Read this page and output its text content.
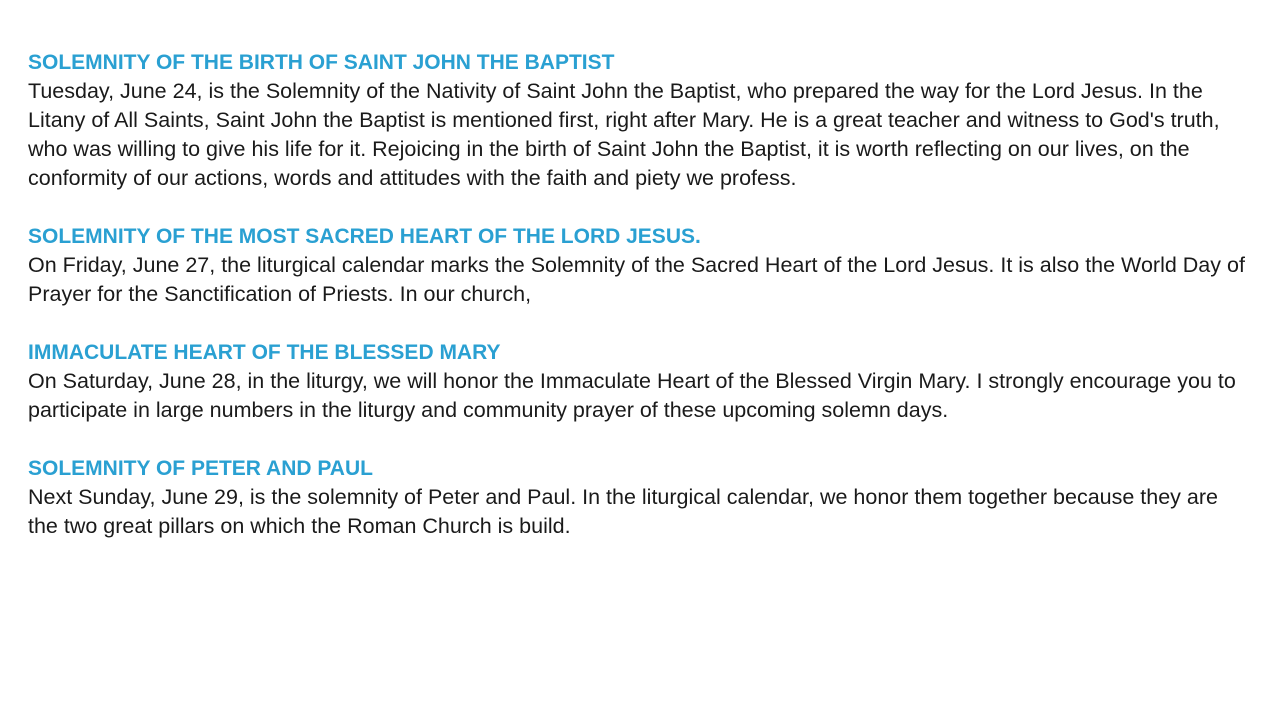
SOLEMNITY OF THE BIRTH OF SAINT JOHN THE BAPTIST

Tuesday, June 24, is the Solemnity of the Nativity of Saint John the Baptist, who prepared the way for the Lord Jesus. In the Litany of All Saints, Saint John the Baptist is mentioned first, right after Mary. He is a great teacher and witness to God's truth, who was willing to give his life for it. Rejoicing in the birth of Saint John the Baptist, it is worth reflecting on our lives, on the conformity of our actions, words and attitudes with the faith and piety we profess.

SOLEMNITY OF THE MOST SACRED HEART OF THE LORD JESUS.

On Friday, June 27, the liturgical calendar marks the Solemnity of the Sacred Heart of the Lord Jesus. It is also the World Day of Prayer for the Sanctification of Priests. In our church,

IMMACULATE HEART OF THE BLESSED MARY

On Saturday, June 28, in the liturgy, we will honor the Immaculate Heart of the Blessed Virgin Mary. I strongly encourage you to participate in large numbers in the liturgy and community prayer of these upcoming solemn days.

SOLEMNITY OF PETER AND PAUL

Next Sunday, June 29, is the solemnity of Peter and Paul. In the liturgical calendar, we honor them together because they are the two great pillars on which the Roman Church is build.
